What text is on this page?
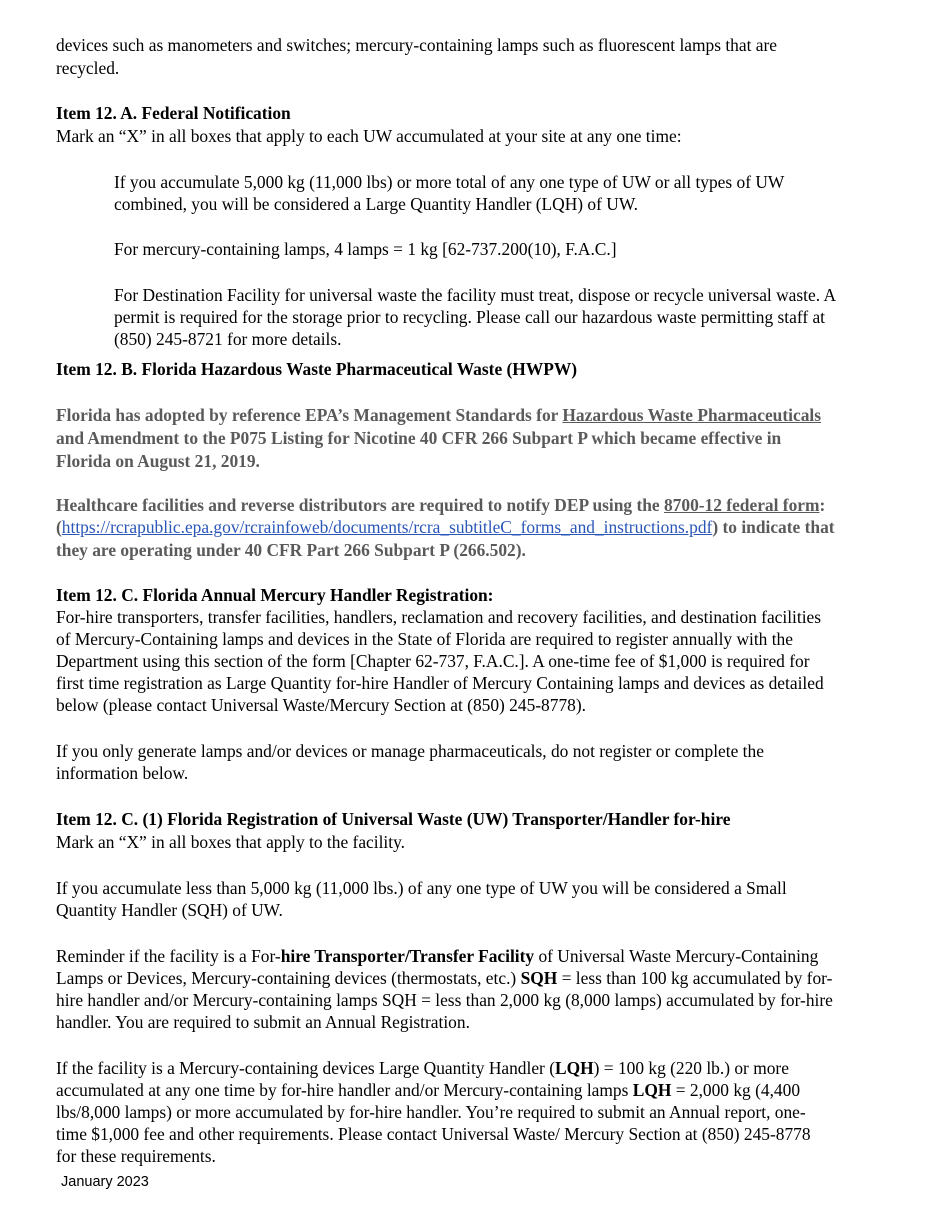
devices such as manometers and switches; mercury-containing lamps such as fluorescent lamps that are
recycled.
Item 12. A. Federal Notification
Mark an “X” in all boxes that apply to each UW accumulated at your site at any one time:
If you accumulate 5,000 kg (11,000 lbs) or more total of any one type of UW or all types of UW
combined, you will be considered a Large Quantity Handler (LQH) of UW.
For mercury-containing lamps, 4 lamps = 1 kg [62-737.200(10), F.A.C.]
For Destination Facility for universal waste the facility must treat, dispose or recycle universal waste. A
permit is required for the storage prior to recycling. Please call our hazardous waste permitting staff at
(850) 245-8721 for more details.
Item 12. B. Florida Hazardous Waste Pharmaceutical Waste (HWPW)
Florida has adopted by reference EPA’s Management Standards for Hazardous Waste Pharmaceuticals
and Amendment to the P075 Listing for Nicotine 40 CFR 266 Subpart P which became effective in
Florida on August 21, 2019.
Healthcare facilities and reverse distributors are required to notify DEP using the 8700-12 federal form:
(https://rcrapublic.epa.gov/rcrainfoweb/documents/rcra_subtitleC_forms_and_instructions.pdf) to indicate that
they are operating under 40 CFR Part 266 Subpart P (266.502).
Item 12. C. Florida Annual Mercury Handler Registration:
For-hire transporters, transfer facilities, handlers, reclamation and recovery facilities, and destination facilities
of Mercury-Containing lamps and devices in the State of Florida are required to register annually with the
Department using this section of the form [Chapter 62-737, F.A.C.]. A one-time fee of $1,000 is required for
first time registration as Large Quantity for-hire Handler of Mercury Containing lamps and devices as detailed
below (please contact Universal Waste/Mercury Section at (850) 245-8778).
If you only generate lamps and/or devices or manage pharmaceuticals, do not register or complete the
information below.
Item 12. C. (1) Florida Registration of Universal Waste (UW) Transporter/Handler for-hire
Mark an “X” in all boxes that apply to the facility.
If you accumulate less than 5,000 kg (11,000 lbs.) of any one type of UW you will be considered a Small
Quantity Handler (SQH) of UW.
Reminder if the facility is a For-hire Transporter/Transfer Facility of Universal Waste Mercury-Containing
Lamps or Devices, Mercury-containing devices (thermostats, etc.) SQH = less than 100 kg accumulated by for-
hire handler and/or Mercury-containing lamps SQH = less than 2,000 kg (8,000 lamps) accumulated by for-hire
handler. You are required to submit an Annual Registration.
If the facility is a Mercury-containing devices Large Quantity Handler (LQH) = 100 kg (220 lb.) or more
accumulated at any one time by for-hire handler and/or Mercury-containing lamps LQH = 2,000 kg (4,400
lbs/8,000 lamps) or more accumulated by for-hire handler. You’re required to submit an Annual report, one-
time $1,000 fee and other requirements. Please contact Universal Waste/ Mercury Section at (850) 245-8778
for these requirements.
January 2023
